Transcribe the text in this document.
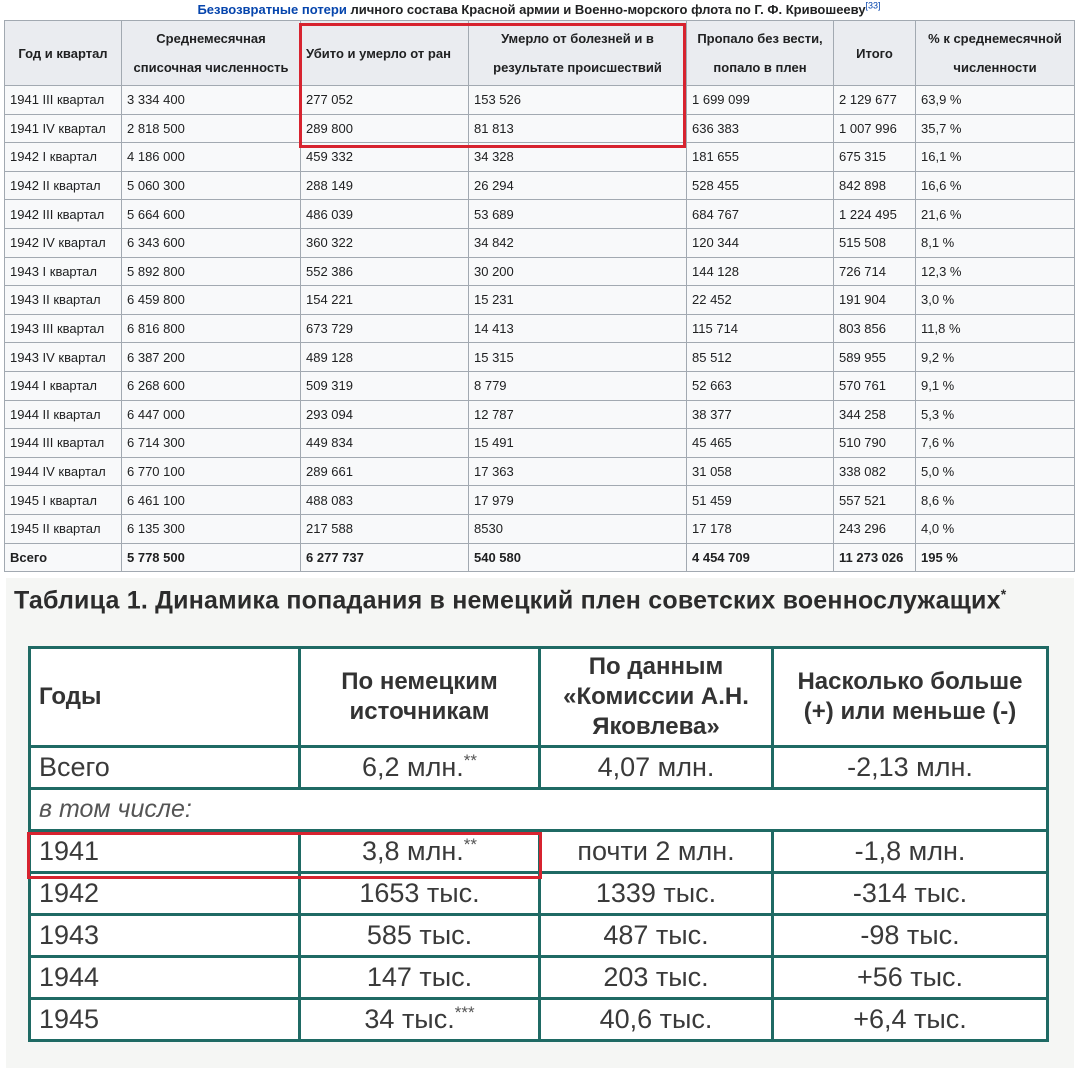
Безвозвратные потери личного состава Красной армии и Военно-морского флота по Г. Ф. Кривошееву[33]
Год и квартал	Среднемесячная списочная численность	Убито и умерло от ран	Умерло от болезней и в результате происшествий	Пропало без вести, попало в плен	Итого	% к среднемесячной численности
1941 III квартал	3 334 400	277 052	153 526	1 699 099	2 129 677	63,9 %
1941 IV квартал	2 818 500	289 800	81 813	636 383	1 007 996	35,7 %
1942 I квартал	4 186 000	459 332	34 328	181 655	675 315	16,1 %
1942 II квартал	5 060 300	288 149	26 294	528 455	842 898	16,6 %
1942 III квартал	5 664 600	486 039	53 689	684 767	1 224 495	21,6 %
1942 IV квартал	6 343 600	360 322	34 842	120 344	515 508	8,1 %
1943 I квартал	5 892 800	552 386	30 200	144 128	726 714	12,3 %
1943 II квартал	6 459 800	154 221	15 231	22 452	191 904	3,0 %
1943 III квартал	6 816 800	673 729	14 413	115 714	803 856	11,8 %
1943 IV квартал	6 387 200	489 128	15 315	85 512	589 955	9,2 %
1944 I квартал	6 268 600	509 319	8 779	52 663	570 761	9,1 %
1944 II квартал	6 447 000	293 094	12 787	38 377	344 258	5,3 %
1944 III квартал	6 714 300	449 834	15 491	45 465	510 790	7,6 %
1944 IV квартал	6 770 100	289 661	17 363	31 058	338 082	5,0 %
1945 I квартал	6 461 100	488 083	17 979	51 459	557 521	8,6 %
1945 II квартал	6 135 300	217 588	8530	17 178	243 296	4,0 %
Всего	5 778 500	6 277 737	540 580	4 454 709	11 273 026	195 %
Таблица 1. Динамика попадания в немецкий плен советских военнослужащих*
Годы	По немецким источникам	По данным «Комиссии А.Н. Яковлева»	Насколько больше (+) или меньше (-)
Всего	6,2 млн.**	4,07 млн.	-2,13 млн.
в том числе:			
1941	3,8 млн.**	почти 2 млн.	-1,8 млн.
1942	1653 тыс.	1339 тыс.	-314 тыс.
1943	585 тыс.	487 тыс.	-98 тыс.
1944	147 тыс.	203 тыс.	+56 тыс.
1945	34 тыс.***	40,6 тыс.	+6,4 тыс.
